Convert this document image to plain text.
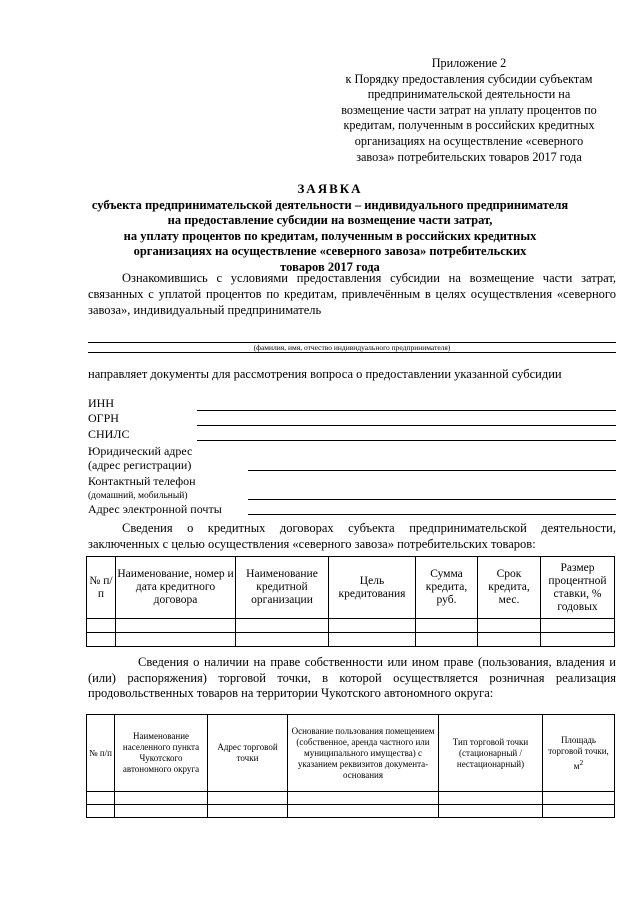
Приложение 2
к Порядку предоставления субсидии субъектам
предпринимательской деятельности на
возмещение части затрат на уплату процентов по
кредитам, полученным в российских кредитных
организациях на осуществление «северного
завоза» потребительских товаров 2017 года
ЗАЯВКА
субъекта предпринимательской деятельности – индивидуального предпринимателя
на предоставление субсидии на возмещение части затрат,
на уплату процентов по кредитам, полученным в российских кредитных
организациях на осуществление «северного завоза» потребительских
товаров 2017 года
Ознакомившись с условиями предоставления субсидии на возмещение части затрат, связанных с уплатой процентов по кредитам, привлечённым в целях осуществления «северного завоза», индивидуальный предприниматель
(фамилия, имя, отчество индивидуального предпринимателя)
направляет документы для рассмотрения вопроса о предоставлении указанной субсидии
ИНН
ОГРН
СНИЛС
Юридический адрес
(адрес регистрации)
Контактный телефон
(домашний, мобильный)
Адрес электронной почты
Сведения о кредитных договорах субъекта предпринимательской деятельности, заключенных с целью осуществления «северного завоза» потребительских товаров:
№ п/п	Наименование, номер и дата кредитного договора	Наименование кредитной организации	Цель кредитования	Сумма кредита, руб.	Срок кредита, мес.	Размер процентной ставки, % годовых

Сведения о наличии на праве собственности или ином праве (пользования, владения и (или) распоряжения) торговой точки, в которой осуществляется розничная реализация продовольственных товаров на территории Чукотского автономного округа:
№ п/п	Наименование населенного пункта Чукотского автономного округа	Адрес торговой точки	Основание пользования помещением (собственное, аренда частного или муниципального имущества) с указанием реквизитов документа-основания	Тип торговой точки (стационарный / нестационарный)	Площадь торговой точки, $м^2$
